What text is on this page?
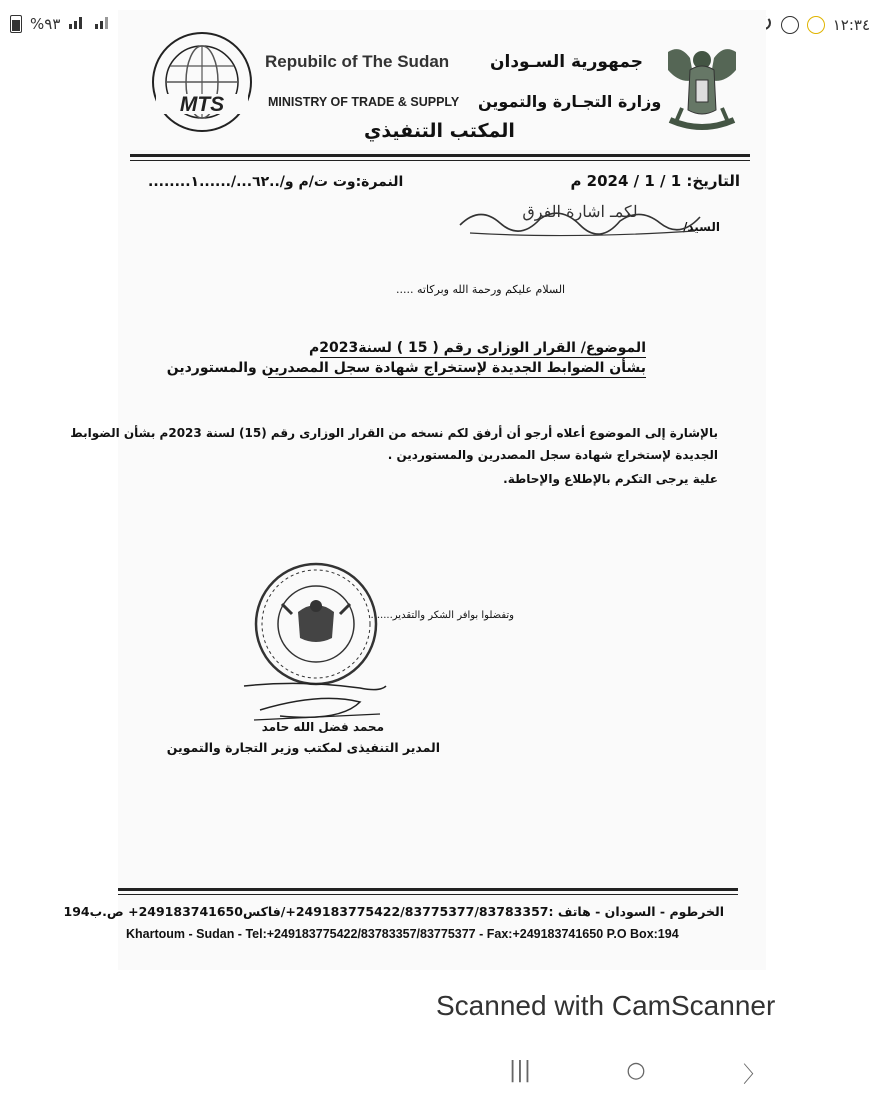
%٩٣	١٢:٣٤
MTS
Repubilc of The Sudan
MINISTRY OF TRADE & SUPPLY
جمهورية السـودان
وزارة التجـارة والتموين
المكتب التنفيذي
التاريخ: 1 / 1 / 2024 م
النمرة:وت ت/م و/..٦٢.../......١........
السيد/
لكمـ اشارة الفرق
السلام عليكم ورحمة الله وبركاته .....
الموضوع/ القرار الوزارى رقم ( 15 ) لسنة2023م
بشأن الضوابط الجديدة لإستخراج شهادة سجل المصدرين والمستوردين
بالإشارة إلى الموضوع أعلاه أرجو أن أرفق لكم نسخه من القرار الوزارى رقم (15) لسنة 2023م بشأن الضوابط
الجديدة لإستخراج شهادة سجل المصدرين والمستوردين .
علية يرجى التكرم بالإطلاع والإحاطة.
وتفضلوا بوافر الشكر والتقدير.......
محمد فضل الله حامد
المدير التنفيذى لمكتب وزير التجارة والتموين
الخرطوم - السودان - هاتف :249183775422/83775377/83783357+/فاكس249183741650+ ص.ب194
Khartoum - Sudan - Tel:+249183775422/83783357/83775377 - Fax:+249183741650 P.O Box:194
Scanned with CamScanner
|||	○	〉
